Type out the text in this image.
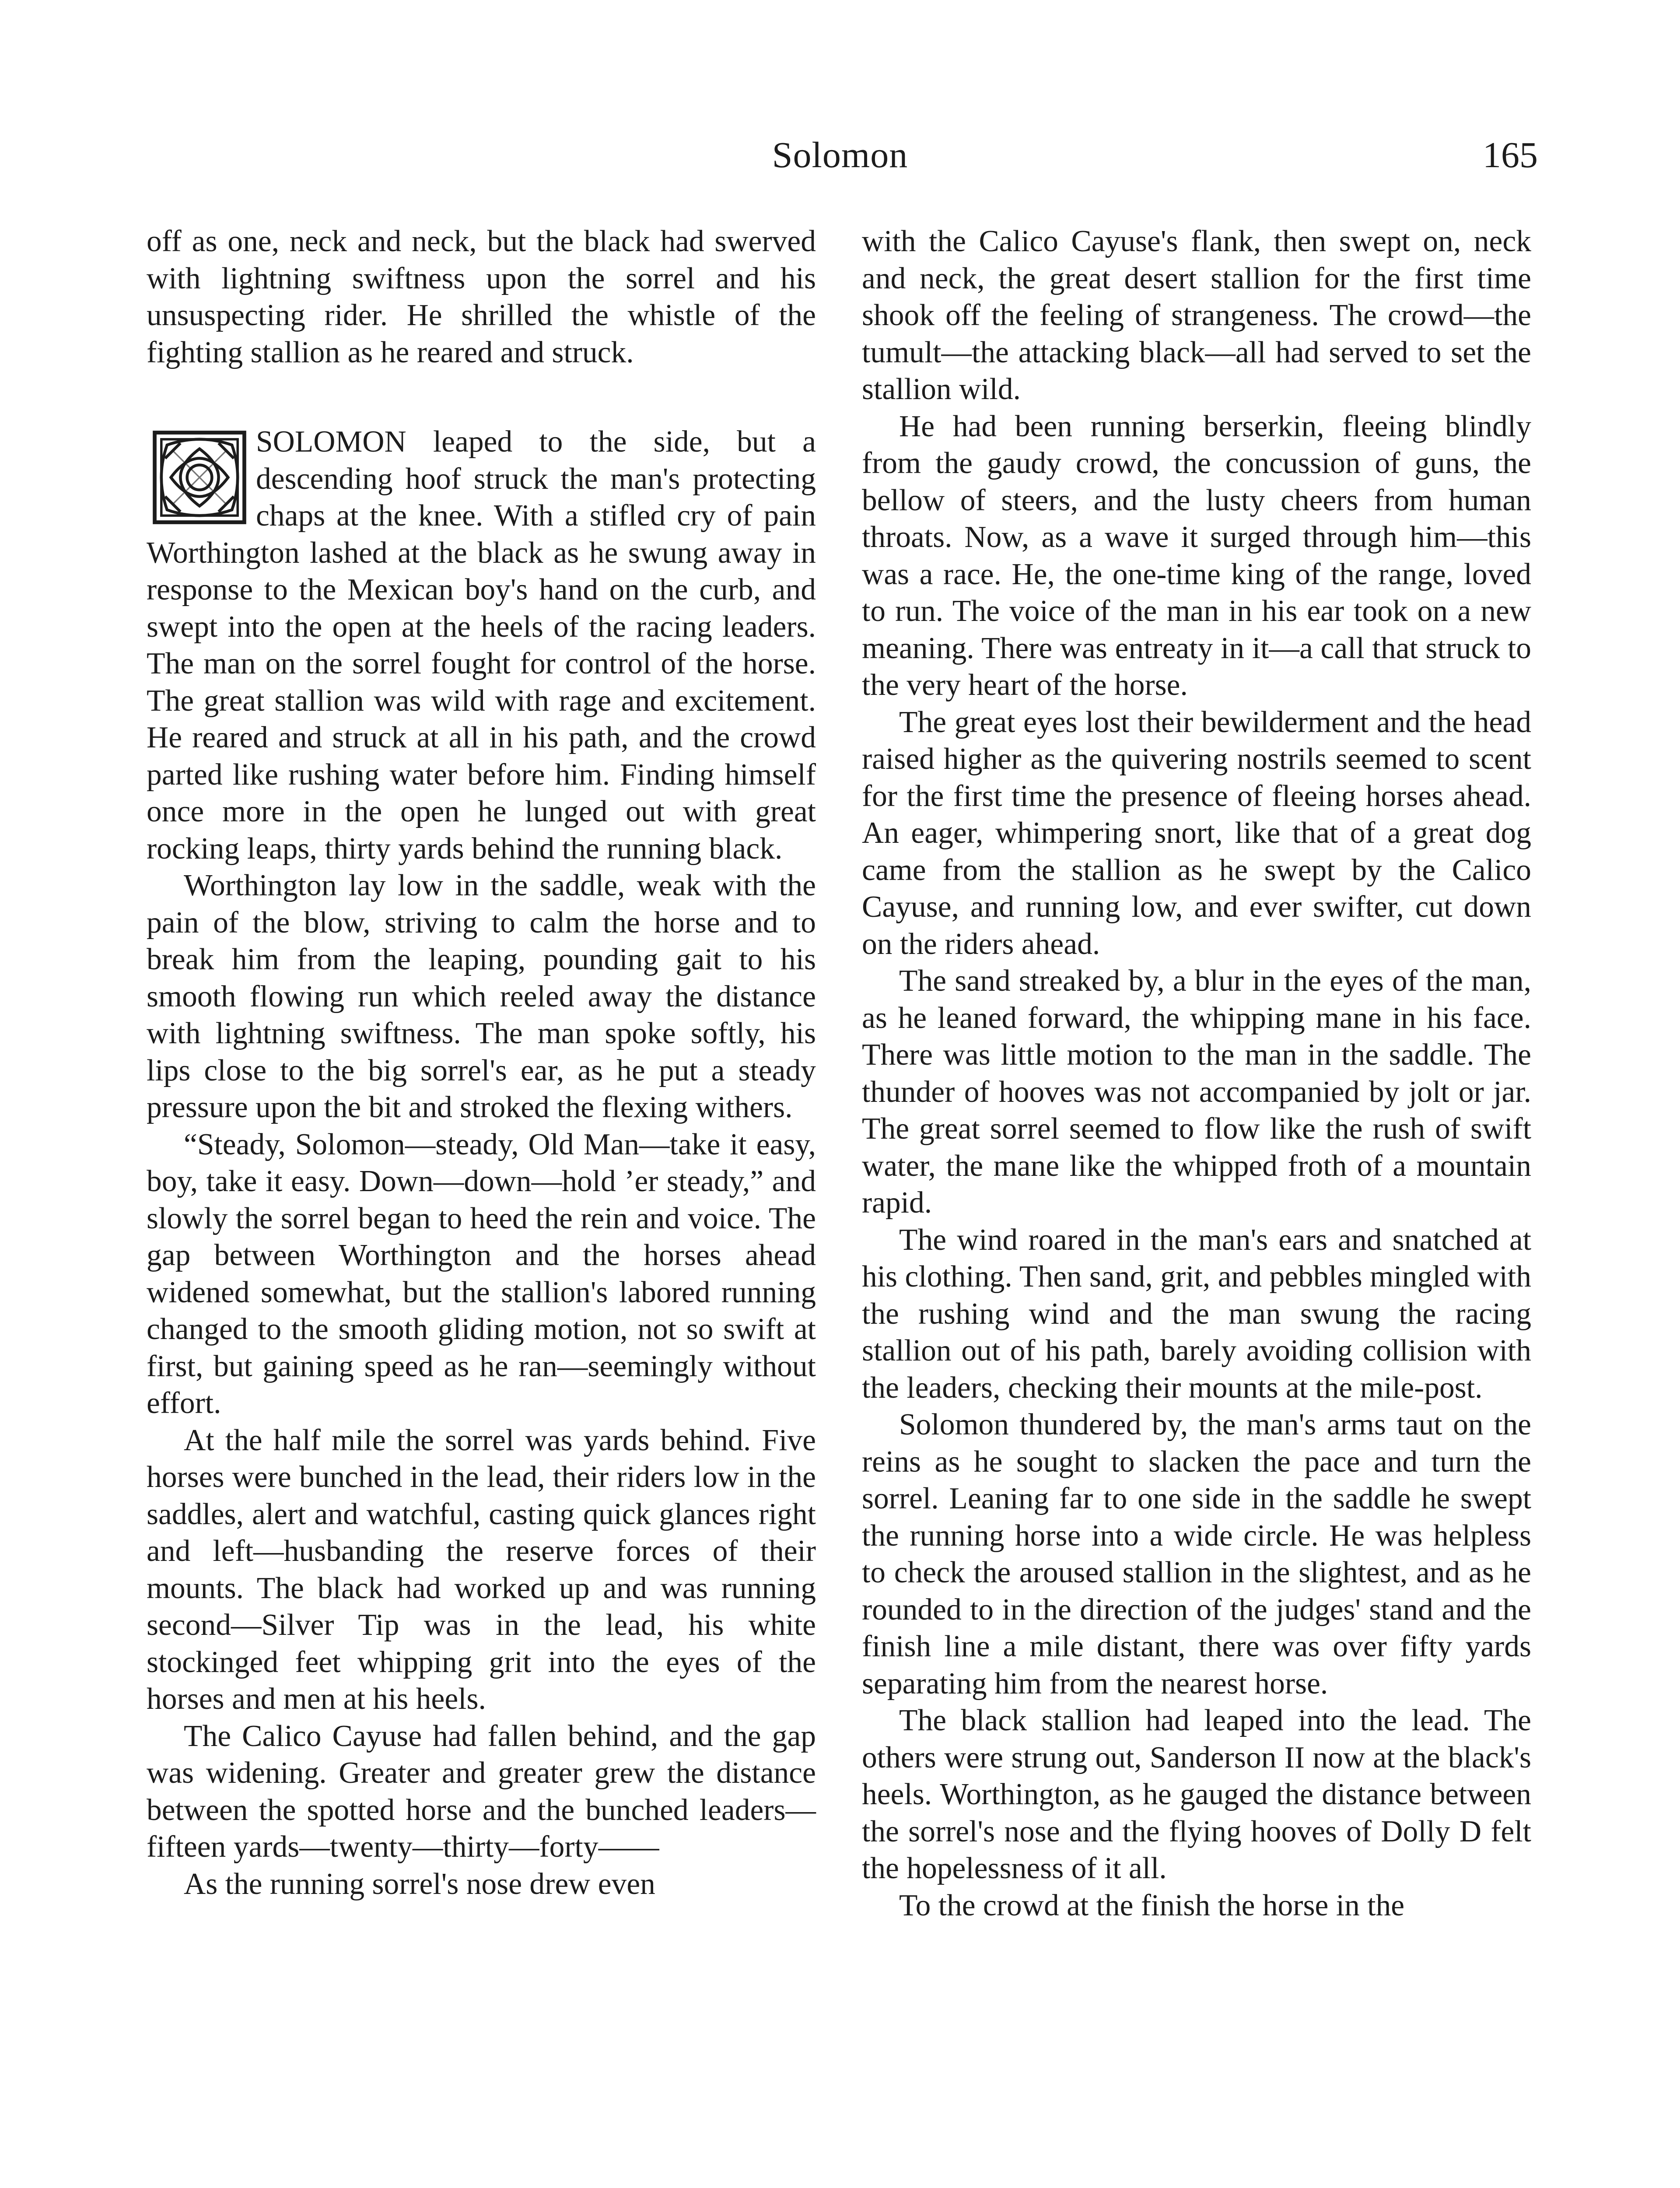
Solomon	165

off as one, neck and neck, but the black had swerved with lightning swiftness upon the sorrel and his unsuspecting rider. He shrilled the whistle of the fighting stallion as he reared and struck.

SOLOMON leaped to the side, but a descending hoof struck the man's protecting chaps at the knee. With a stifled cry of pain Worthington lashed at the black as he swung away in response to the Mexican boy's hand on the curb, and swept into the open at the heels of the racing leaders. The man on the sorrel fought for control of the horse. The great stallion was wild with rage and excitement. He reared and struck at all in his path, and the crowd parted like rushing water before him. Finding himself once more in the open he lunged out with great rocking leaps, thirty yards behind the running black.

Worthington lay low in the saddle, weak with the pain of the blow, striving to calm the horse and to break him from the leaping, pounding gait to his smooth flowing run which reeled away the distance with lightning swiftness. The man spoke softly, his lips close to the big sorrel's ear, as he put a steady pressure upon the bit and stroked the flexing withers.

“Steady, Solomon—steady, Old Man—take it easy, boy, take it easy. Down—down—hold ’er steady,” and slowly the sorrel began to heed the rein and voice. The gap between Worthington and the horses ahead widened somewhat, but the stallion's labored running changed to the smooth gliding motion, not so swift at first, but gaining speed as he ran—seemingly without effort.

At the half mile the sorrel was yards behind. Five horses were bunched in the lead, their riders low in the saddles, alert and watchful, casting quick glances right and left—husbanding the reserve forces of their mounts. The black had worked up and was running second—Silver Tip was in the lead, his white stockinged feet whipping grit into the eyes of the horses and men at his heels.

The Calico Cayuse had fallen behind, and the gap was widening. Greater and greater grew the distance between the spotted horse and the bunched leaders—fifteen yards—twenty—thirty—forty——

As the running sorrel's nose drew even

with the Calico Cayuse's flank, then swept on, neck and neck, the great desert stallion for the first time shook off the feeling of strangeness. The crowd—the tumult—the attacking black—all had served to set the stallion wild.

He had been running berserkin, fleeing blindly from the gaudy crowd, the concussion of guns, the bellow of steers, and the lusty cheers from human throats. Now, as a wave it surged through him—this was a race. He, the one-time king of the range, loved to run. The voice of the man in his ear took on a new meaning. There was entreaty in it—a call that struck to the very heart of the horse.

The great eyes lost their bewilderment and the head raised higher as the quivering nostrils seemed to scent for the first time the presence of fleeing horses ahead. An eager, whimpering snort, like that of a great dog came from the stallion as he swept by the Calico Cayuse, and running low, and ever swifter, cut down on the riders ahead.

The sand streaked by, a blur in the eyes of the man, as he leaned forward, the whipping mane in his face. There was little motion to the man in the saddle. The thunder of hooves was not accompanied by jolt or jar. The great sorrel seemed to flow like the rush of swift water, the mane like the whipped froth of a mountain rapid.

The wind roared in the man's ears and snatched at his clothing. Then sand, grit, and pebbles mingled with the rushing wind and the man swung the racing stallion out of his path, barely avoiding collision with the leaders, checking their mounts at the mile-post.

Solomon thundered by, the man's arms taut on the reins as he sought to slacken the pace and turn the sorrel. Leaning far to one side in the saddle he swept the running horse into a wide circle. He was helpless to check the aroused stallion in the slightest, and as he rounded to in the direction of the judges' stand and the finish line a mile distant, there was over fifty yards separating him from the nearest horse.

The black stallion had leaped into the lead. The others were strung out, Sanderson II now at the black's heels. Worthington, as he gauged the distance between the sorrel's nose and the flying hooves of Dolly D felt the hopelessness of it all.

To the crowd at the finish the horse in the
